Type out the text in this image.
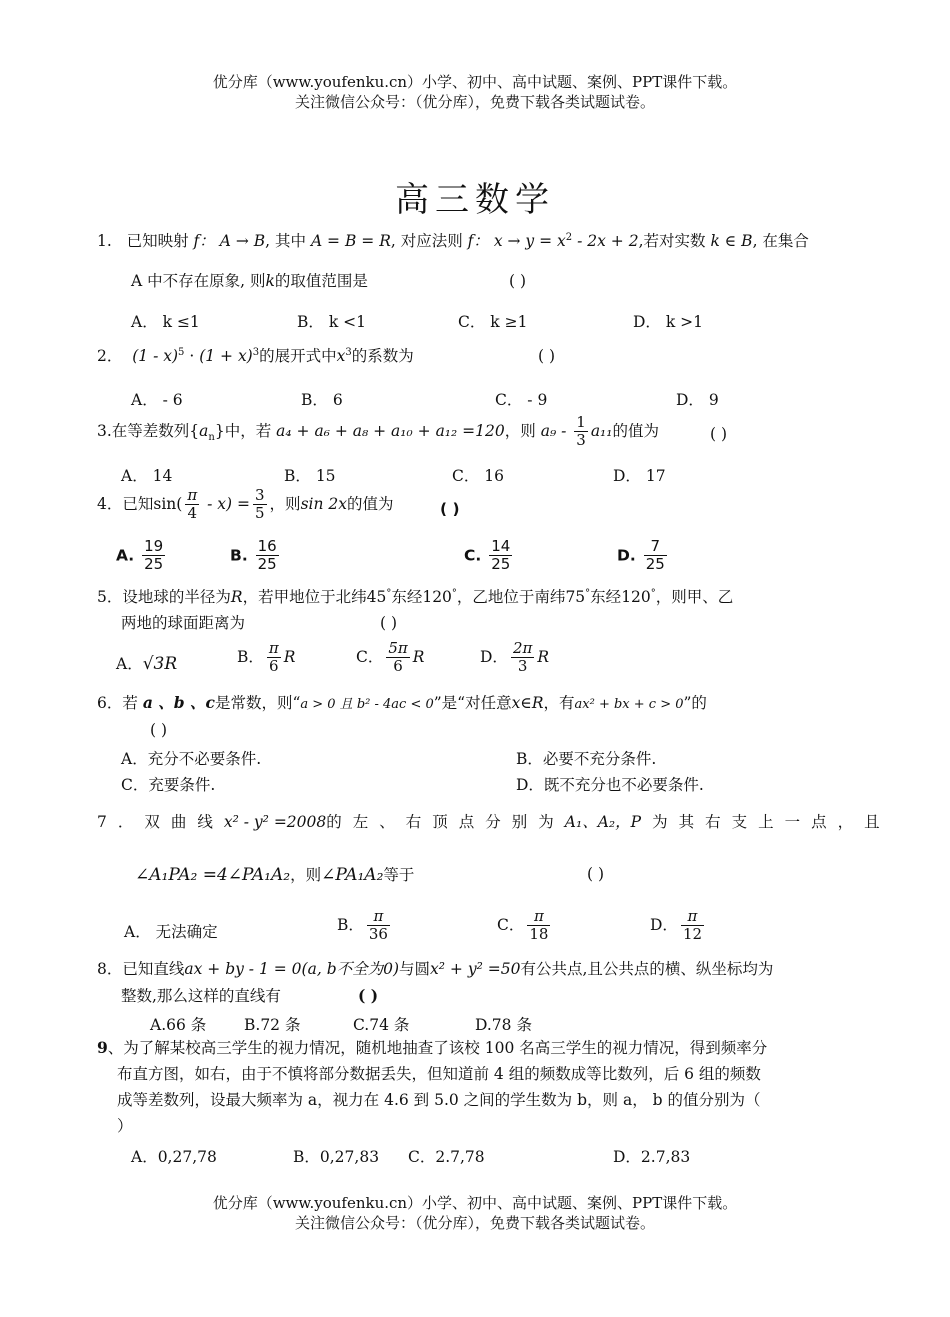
优分库（www.youfenku.cn）小学、初中、高中试题、案例、PPT课件下载。
关注微信公众号：（优分库），免费下载各类试题试卷。
高三数学
1. 已知映射 f： A → B, 其中 A = B = R, 对应法则 f： $x \to y = x^2 - 2x + 2$,若对实数 k ∈ B, 在集合
A 中不存在原象, 则k的取值范围是	( )
A． k ≤1	B． k <1	C． k ≥1	D． k >1
2． $(1 - x)^5 \cdot (1 + x)^3$的展开式中$x^3$的系数为	( )
A． - 6	B． 6	C． - 9	D． 9
3.在等差数列$\{a_n\}$中，若 a₄ + a₆ + a₈ + a₁₀ + a₁₂ =120，则 $a_9 - \frac{1}{3} a_{11}$的值为	( )
A． 14	B． 15	C． 16	D． 17
4．已知$\sin( \frac{\pi}{4} - x) = \frac{3}{5}$ ，则sin 2x的值为	( )
A. $\frac{19}{25}$	B. $\frac{16}{25}$	C. $\frac{14}{25}$	D. $\frac{7}{25}$
5．设地球的半径为R，若甲地位于北纬45°东经120°，乙地位于南纬75°东经120°，则甲、乙
两地的球面距离为	( )
A．√3R	B． $\frac{\pi}{6}$ R	C． $\frac{5\pi}{6}$ R	D． $\frac{2\pi}{3}$ R
6．若 a 、b 、c是常数，则“a > 0 且 b² - 4ac < 0”是“对任意x∈R，有ax² + bx + c > 0”的
( )
A．充分不必要条件.	B．必要不充分条件.
C．充要条件.	D．既不充分也不必要条件.
7．双曲线x² - y² =2008的左、右顶点分别为A₁、A₂，P为其右支上一点，且
∠A₁PA₂ =4∠PA₁A₂，则∠PA₁A₂等于	( )
A． 无法确定	B． $\frac{\pi}{36}$	C． $\frac{\pi}{18}$	D． $\frac{\pi}{12}$
8．已知直线ax + by - 1 = 0(a, b不全为0)与圆x² + y² =50有公共点,且公共点的横、纵坐标均为
整数,那么这样的直线有	( )
A.66 条 B.72 条	C.74 条	D.78 条
9、为了解某校高三学生的视力情况，随机地抽查了该校 100 名高三学生的视力情况，得到频率分
布直方图，如右，由于不慎将部分数据丢失，但知道前 4 组的频数成等比数列，后 6 组的频数
成等差数列，设最大频率为 a，视力在 4.6 到 5.0 之间的学生数为 b，则 a， b 的值分别为（
）
A．0,27,78	B．0,27,83 C．2.7,78	D．2.7,83
优分库（www.youfenku.cn）小学、初中、高中试题、案例、PPT课件下载。
关注微信公众号：（优分库），免费下载各类试题试卷。
